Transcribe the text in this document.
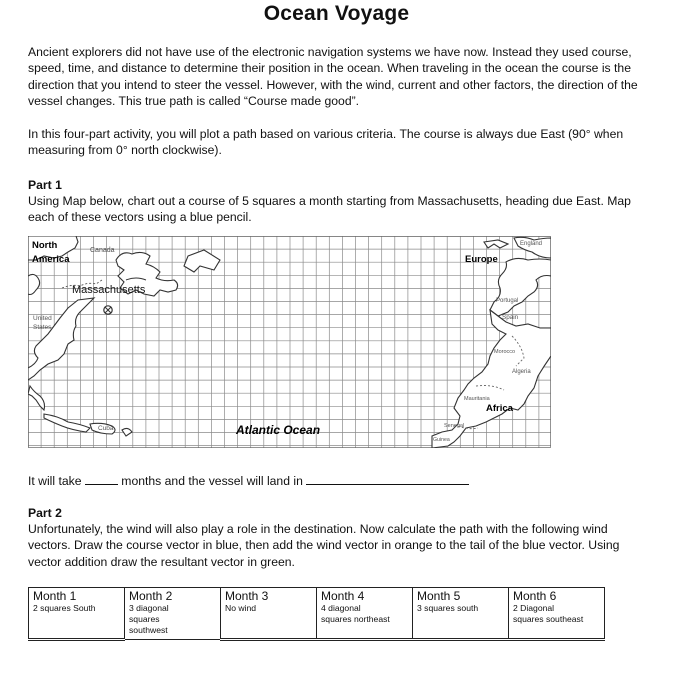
Ocean Voyage

Ancient explorers did not have use of the electronic navigation systems we have now. Instead they used course, speed, time, and distance to determine their position in the ocean. When traveling in the ocean the course is the direction that you intend to steer the vessel. However, with the wind, current and other factors, the direction of the vessel changes. This true path is called “Course made good”.

In this four-part activity, you will plot a path based on various criteria. The course is always due East (90° when measuring from 0° north clockwise).

Part 1

Using Map below, chart out a course of 5 squares a month starting from Massachusetts, heading due East. Map each of these vectors using a blue pencil.

North
America
Canada
Massachusetts
United
States
Cuba	Atlantic Ocean
Europe
England
Portugal
Spain
Morocco
Algeria
Mauritania
Africa
Senegal
Guinea
It will take	months and the vessel will land in

Part 2

Unfortunately, the wind will also play a role in the destination. Now calculate the path with the following wind vectors. Draw the course vector in blue, then add the wind vector in orange to the tail of the blue vector. Using vector addition draw the resultant vector in green.

Month 1
2 squares South

Month 2
3 diagonal
squares
southwest

Month 3
No wind

Month 4
4 diagonal
squares northeast

Month 5
3 squares south

Month 6
2 Diagonal
squares southeast
